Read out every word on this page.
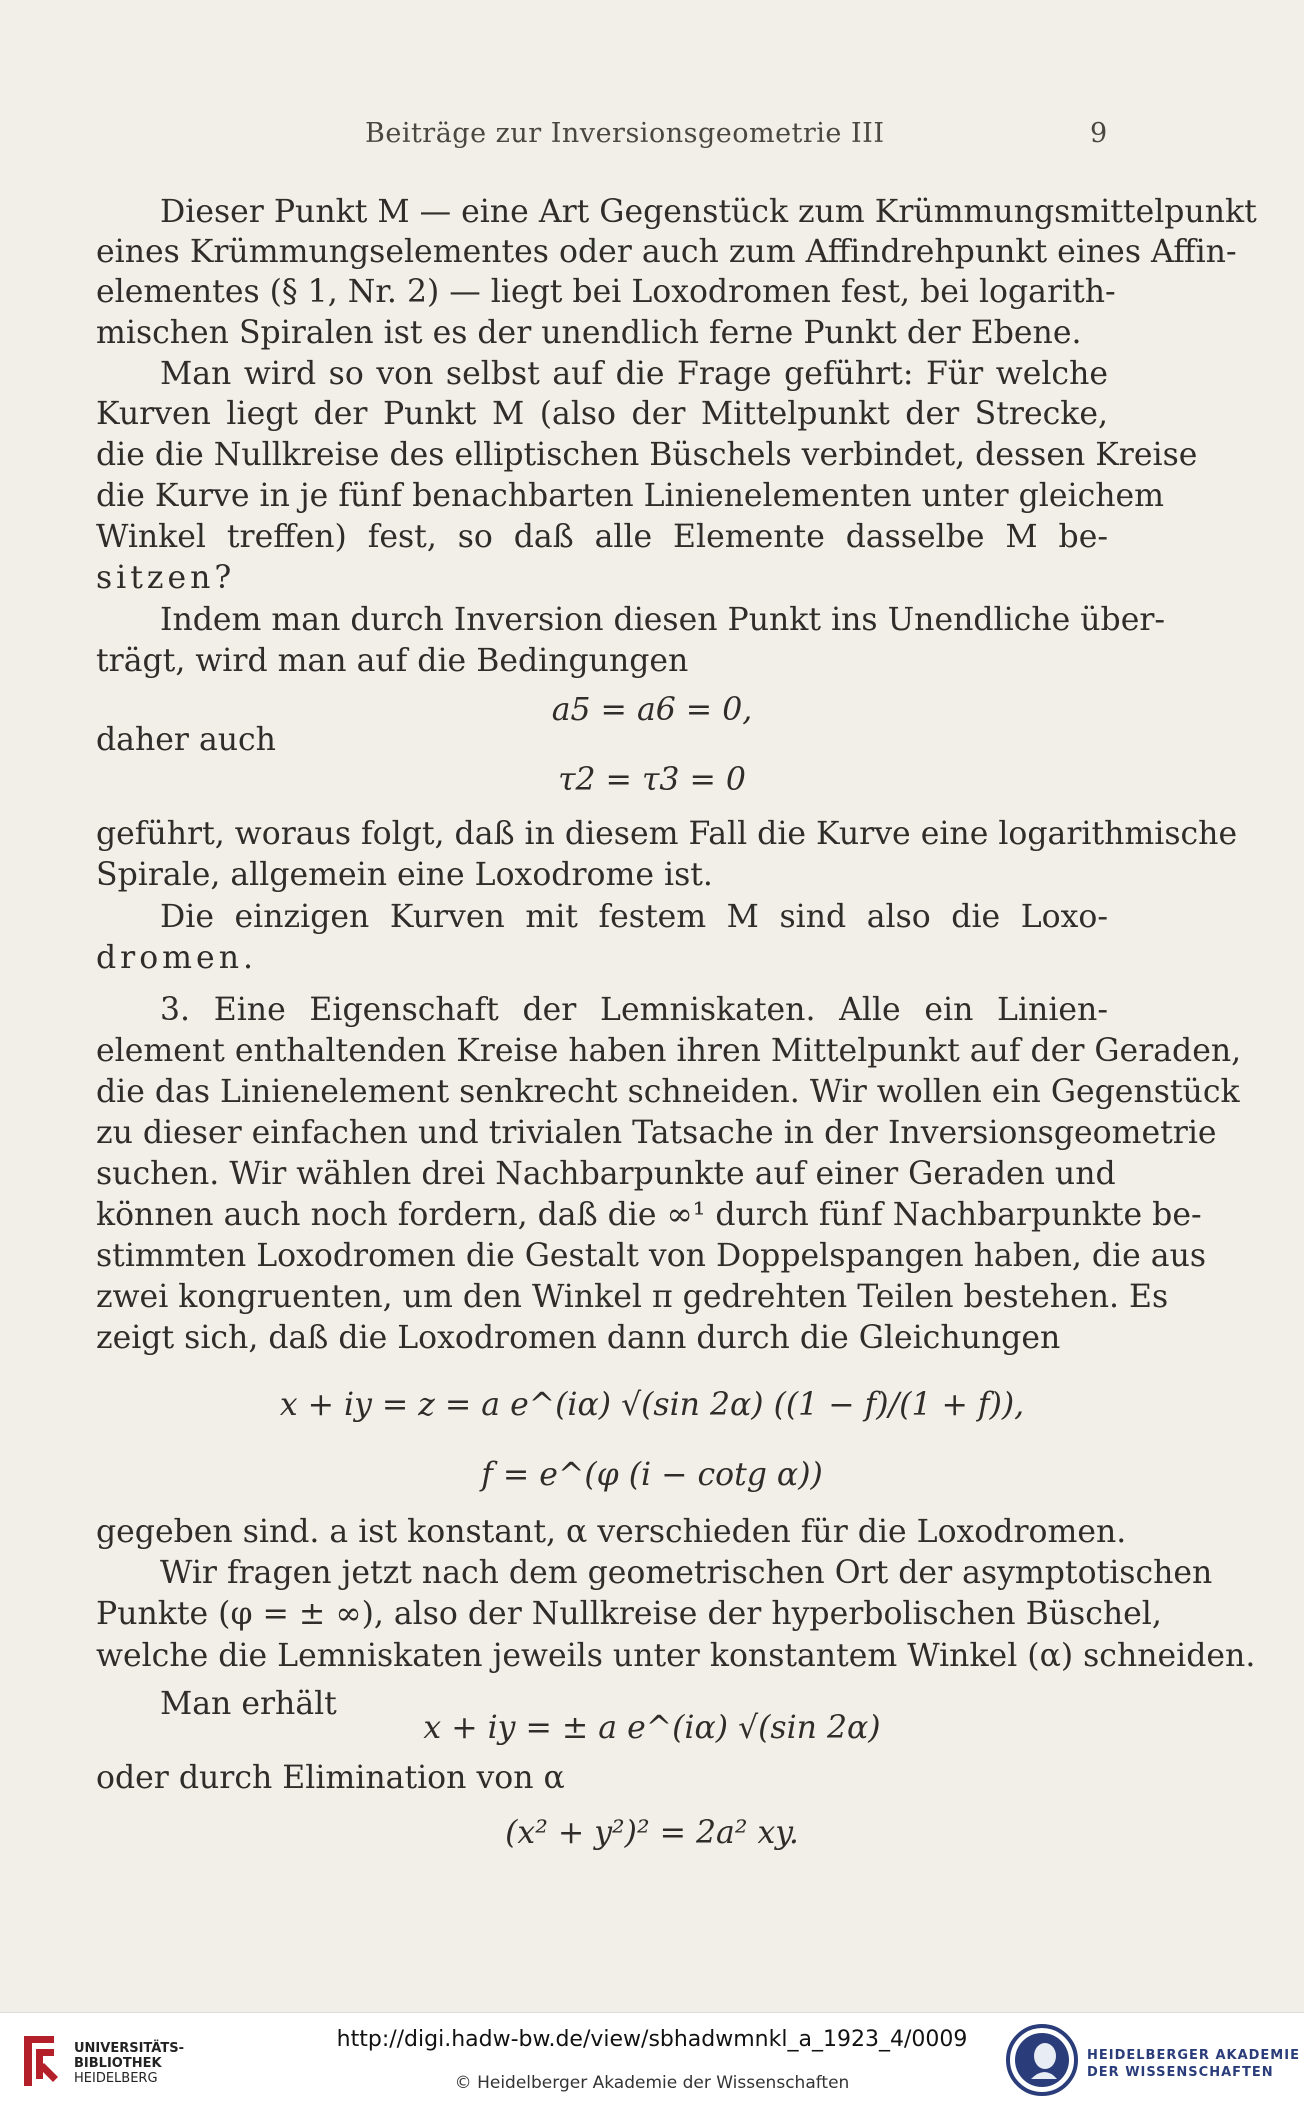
Beiträge zur Inversionsgeometrie III	9
Dieser Punkt M — eine Art Gegenstück zum Krümmungsmittelpunkt
eines Krümmungselementes oder auch zum Affindrehpunkt eines Affin-
elementes (§ 1, Nr. 2) — liegt bei Loxodromen fest, bei logarith-
mischen Spiralen ist es der unendlich ferne Punkt der Ebene.
Man wird so von selbst auf die Frage geführt: Für welche
Kurven liegt der Punkt M (also der Mittelpunkt der Strecke,
die die Nullkreise des elliptischen Büschels verbindet, dessen Kreise
die Kurve in je fünf benachbarten Linienelementen unter gleichem
Winkel treffen) fest, so daß alle Elemente dasselbe M be-
sitzen?
Indem man durch Inversion diesen Punkt ins Unendliche über-
trägt, wird man auf die Bedingungen
a5 = a6 = 0,
daher auch
τ2 = τ3 = 0
geführt, woraus folgt, daß in diesem Fall die Kurve eine logarithmische
Spirale, allgemein eine Loxodrome ist.
Die einzigen Kurven mit festem M sind also die Loxo-
dromen.
3. Eine Eigenschaft der Lemniskaten. Alle ein Linien-
element enthaltenden Kreise haben ihren Mittelpunkt auf der Geraden,
die das Linienelement senkrecht schneiden. Wir wollen ein Gegenstück
zu dieser einfachen und trivialen Tatsache in der Inversionsgeometrie
suchen. Wir wählen drei Nachbarpunkte auf einer Geraden und
können auch noch fordern, daß die ∞¹ durch fünf Nachbarpunkte be-
stimmten Loxodromen die Gestalt von Doppelspangen haben, die aus
zwei kongruenten, um den Winkel π gedrehten Teilen bestehen. Es
zeigt sich, daß die Loxodromen dann durch die Gleichungen
x + iy = z = a e^(iα) √(sin 2α) ((1 − f)/(1 + f)),
f = e^(φ (i − cotg α))
gegeben sind. a ist konstant, α verschieden für die Loxodromen.
Wir fragen jetzt nach dem geometrischen Ort der asymptotischen
Punkte (φ = ± ∞), also der Nullkreise der hyperbolischen Büschel,
welche die Lemniskaten jeweils unter konstantem Winkel (α) schneiden.
Man erhält
x + iy = ± a e^(iα) √(sin 2α)
oder durch Elimination von α
(x² + y²)² = 2a² xy.
UNIVERSITÄTS-
BIBLIOTHEK
HEIDELBERG
http://digi.hadw-bw.de/view/sbhadwmnkl_a_1923_4/0009
© Heidelberger Akademie der Wissenschaften
HEIDELBERGER AKADEMIE
DER WISSENSCHAFTEN
